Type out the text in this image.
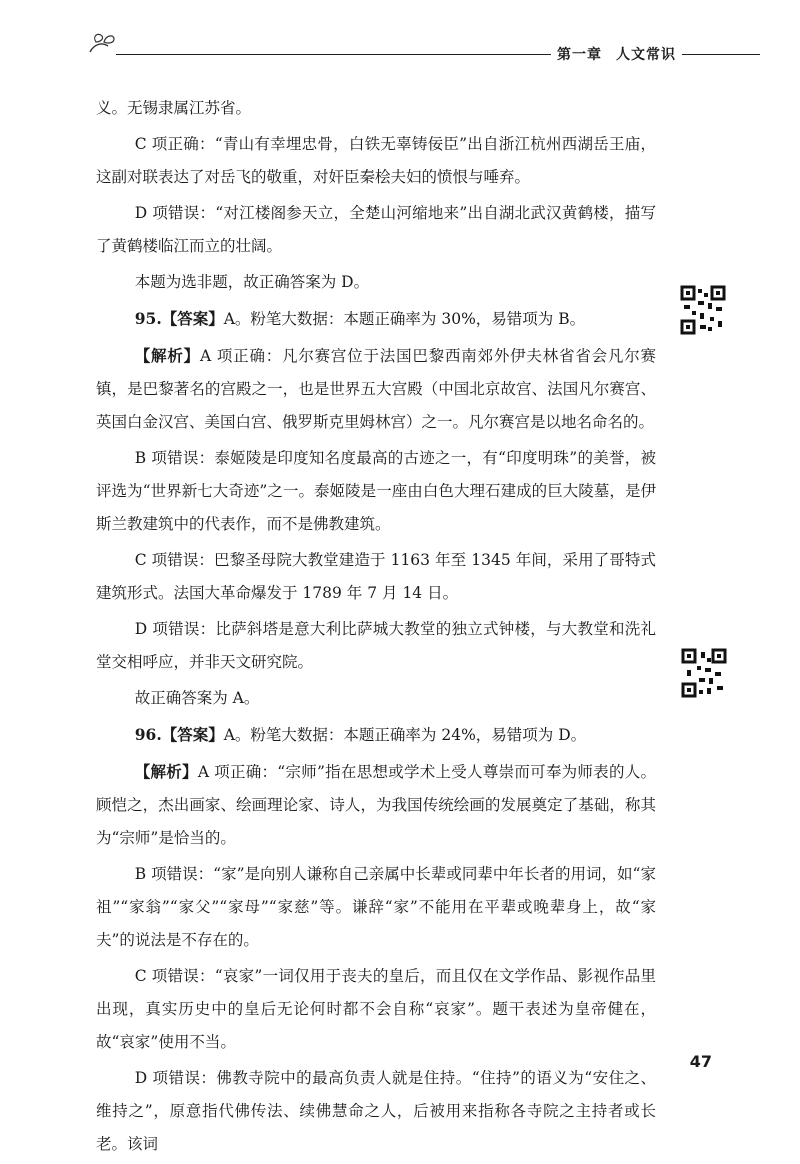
第一章 人文常识

义。无锡隶属江苏省。

C 项正确：“青山有幸埋忠骨，白铁无辜铸佞臣”出自浙江杭州西湖岳王庙，这副对联表达了对岳飞的敬重，对奸臣秦桧夫妇的愤恨与唾弃。

D 项错误：“对江楼阁参天立，全楚山河缩地来”出自湖北武汉黄鹤楼，描写了黄鹤楼临江而立的壮阔。

本题为选非题，故正确答案为 D。

95.【答案】A。粉笔大数据：本题正确率为 30%，易错项为 B。

【解析】A 项正确：凡尔赛宫位于法国巴黎西南郊外伊夫林省省会凡尔赛镇，是巴黎著名的宫殿之一，也是世界五大宫殿（中国北京故宫、法国凡尔赛宫、英国白金汉宫、美国白宫、俄罗斯克里姆林宫）之一。凡尔赛宫是以地名命名的。

B 项错误：泰姬陵是印度知名度最高的古迹之一，有“印度明珠”的美誉，被评选为“世界新七大奇迹”之一。泰姬陵是一座由白色大理石建成的巨大陵墓，是伊斯兰教建筑中的代表作，而不是佛教建筑。

C 项错误：巴黎圣母院大教堂建造于 1163 年至 1345 年间，采用了哥特式建筑形式。法国大革命爆发于 1789 年 7 月 14 日。

D 项错误：比萨斜塔是意大利比萨城大教堂的独立式钟楼，与大教堂和洗礼堂交相呼应，并非天文研究院。

故正确答案为 A。

96.【答案】A。粉笔大数据：本题正确率为 24%，易错项为 D。

【解析】A 项正确：“宗师”指在思想或学术上受人尊崇而可奉为师表的人。顾恺之，杰出画家、绘画理论家、诗人，为我国传统绘画的发展奠定了基础，称其为“宗师”是恰当的。

B 项错误：“家”是向别人谦称自己亲属中长辈或同辈中年长者的用词，如“家祖”“家翁”“家父”“家母”“家慈”等。谦辞“家”不能用在平辈或晚辈身上，故“家夫”的说法是不存在的。

C 项错误：“哀家”一词仅用于丧夫的皇后，而且仅在文学作品、影视作品里出现，真实历史中的皇后无论何时都不会自称“哀家”。题干表述为皇帝健在，故“哀家”使用不当。

D 项错误：佛教寺院中的最高负责人就是住持。“住持”的语义为“安住之、维持之”，原意指代佛传法、续佛慧命之人，后被用来指称各寺院之主持者或长老。该词

47
